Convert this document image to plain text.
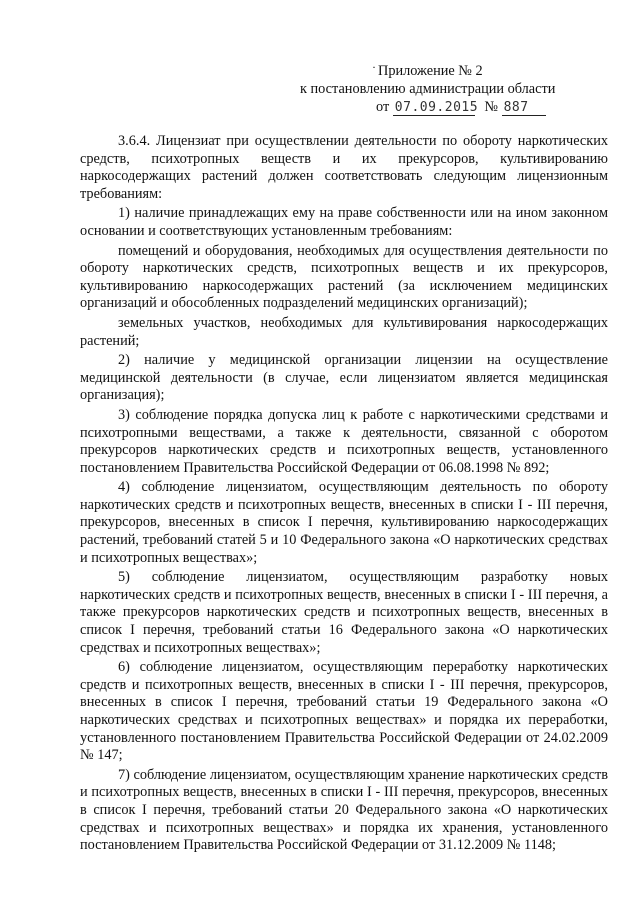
· Приложение № 2
к постановлению администрации области
от 07.09.2015 № 887

3.6.4. Лицензиат при осуществлении деятельности по обороту наркотических средств, психотропных веществ и их прекурсоров, культивированию наркосодержащих растений должен соответствовать следующим лицензионным требованиям:

1) наличие принадлежащих ему на праве собственности или на ином законном основании и соответствующих установленным требованиям:

помещений и оборудования, необходимых для осуществления деятельности по обороту наркотических средств, психотропных веществ и их прекурсоров, культивированию наркосодержащих растений (за исключением медицинских организаций и обособленных подразделений медицинских организаций);

земельных участков, необходимых для культивирования наркосодержащих растений;

2) наличие у медицинской организации лицензии на осуществление медицинской деятельности (в случае, если лицензиатом является медицинская организация);

3) соблюдение порядка допуска лиц к работе с наркотическими средствами и психотропными веществами, а также к деятельности, связанной с оборотом прекурсоров наркотических средств и психотропных веществ, установленного постановлением Правительства Российской Федерации от 06.08.1998 № 892;

4) соблюдение лицензиатом, осуществляющим деятельность по обороту наркотических средств и психотропных веществ, внесенных в списки I - III перечня, прекурсоров, внесенных в список I перечня, культивированию наркосодержащих растений, требований статей 5 и 10 Федерального закона «О наркотических средствах и психотропных веществах»;

5) соблюдение лицензиатом, осуществляющим разработку новых наркотических средств и психотропных веществ, внесенных в списки I - III перечня, а также прекурсоров наркотических средств и психотропных веществ, внесенных в список I перечня, требований статьи 16 Федерального закона «О наркотических средствах и психотропных веществах»;

6) соблюдение лицензиатом, осуществляющим переработку наркотических средств и психотропных веществ, внесенных в списки I - III перечня, прекурсоров, внесенных в список I перечня, требований статьи 19 Федерального закона «О наркотических средствах и психотропных веществах» и порядка их переработки, установленного постановлением Правительства Российской Федерации от 24.02.2009 № 147;

7) соблюдение лицензиатом, осуществляющим хранение наркотических средств и психотропных веществ, внесенных в списки I - III перечня, прекурсоров, внесенных в список I перечня, требований статьи 20 Федерального закона «О наркотических средствах и психотропных веществах» и порядка их хранения, установленного постановлением Правительства Российской Федерации от 31.12.2009 № 1148;
